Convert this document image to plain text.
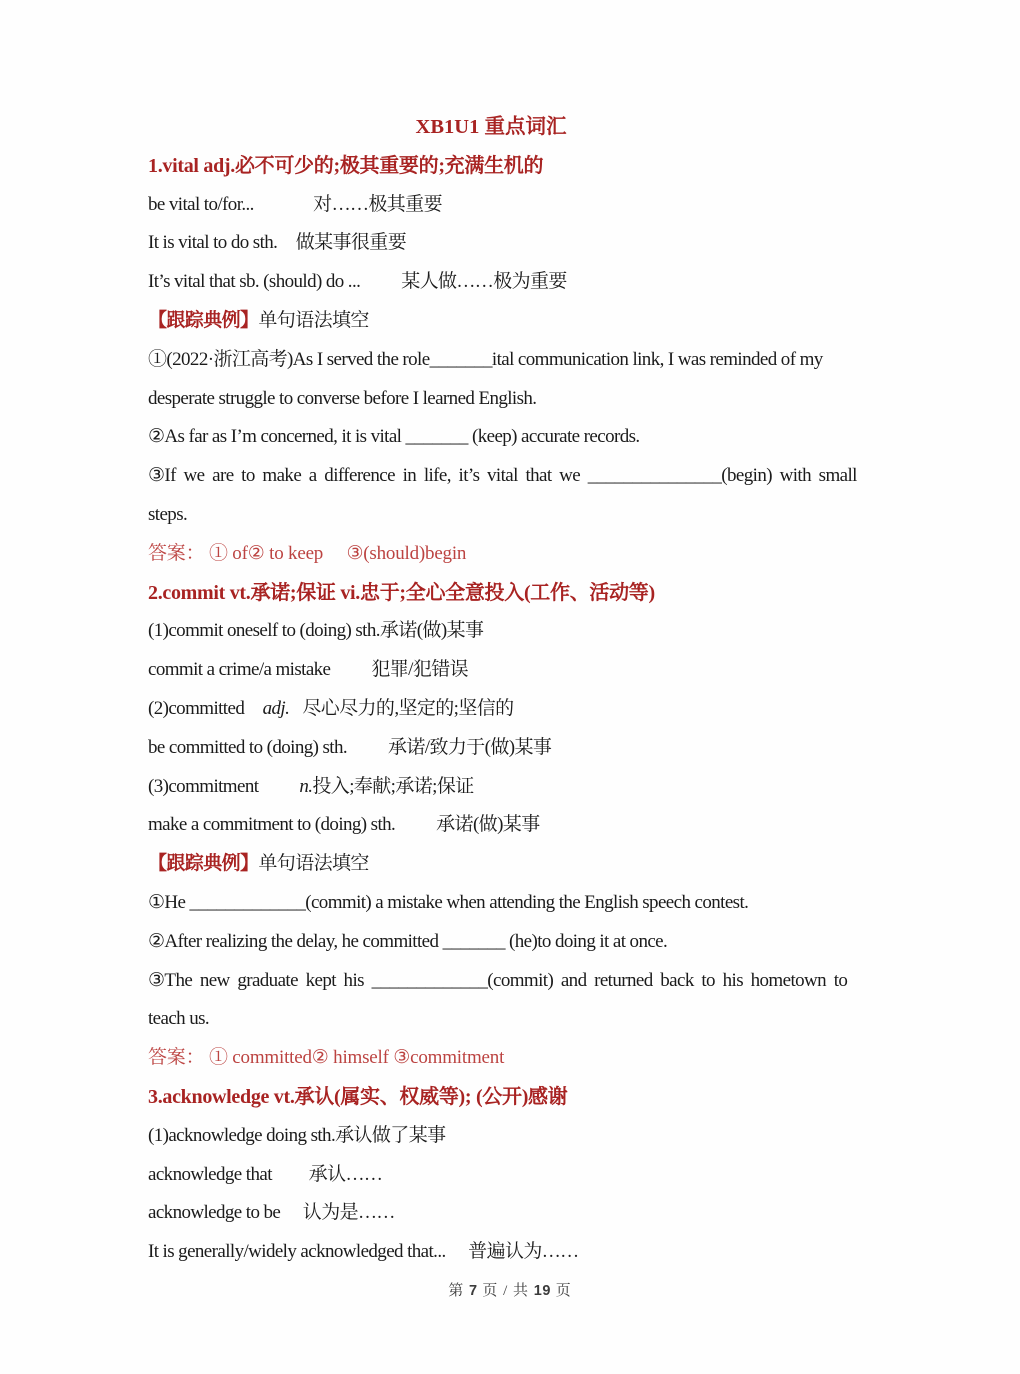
XB1U1 重点词汇
1.vital adj.必不可少的;极其重要的;充满生机的
be vital to/for...　　　 对……极其重要
It is vital to do sth.　做某事很重要
It’s vital that sb. (should) do ...　　 某人做……极为重要
【跟踪典例】单句语法填空
①(2022·浙江高考)As I served the role_______ital communication link, I was reminded of my
desperate struggle to converse before I learned English.
②As far as I’m concerned, it is vital _______ (keep) accurate records.
③If we are to make a difference in life, it’s vital that we _______________(begin) with small
steps.
答案： ① of② to keep　 ③(should)begin
2.commit vt.承诺;保证 vi.忠于;全心全意投入(工作、活动等)
(1)commit oneself to (doing) sth.承诺(做)某事
commit a crime/a mistake　　 犯罪/犯错误
(2)committed　adj.  尽心尽力的,坚定的;坚信的
be committed to (doing) sth.　　 承诺/致力于(做)某事
(3)commitment　　 n.投入;奉献;承诺;保证
make a commitment to (doing) sth.　　 承诺(做)某事
【跟踪典例】单句语法填空
①He _____________(commit) a mistake when attending the English speech contest.
②After realizing the delay, he committed _______ (he)to doing it at once.
③The new graduate kept his _____________(commit) and returned back to his hometown to
teach us.
答案： ① committed② himself ③commitment
3.acknowledge vt.承认(属实、权威等); (公开)感谢
(1)acknowledge doing sth.承认做了某事
acknowledge that　　承认……
acknowledge to be　 认为是……
It is generally/widely acknowledged that...　 普遍认为……
第 7 页 / 共 19 页
